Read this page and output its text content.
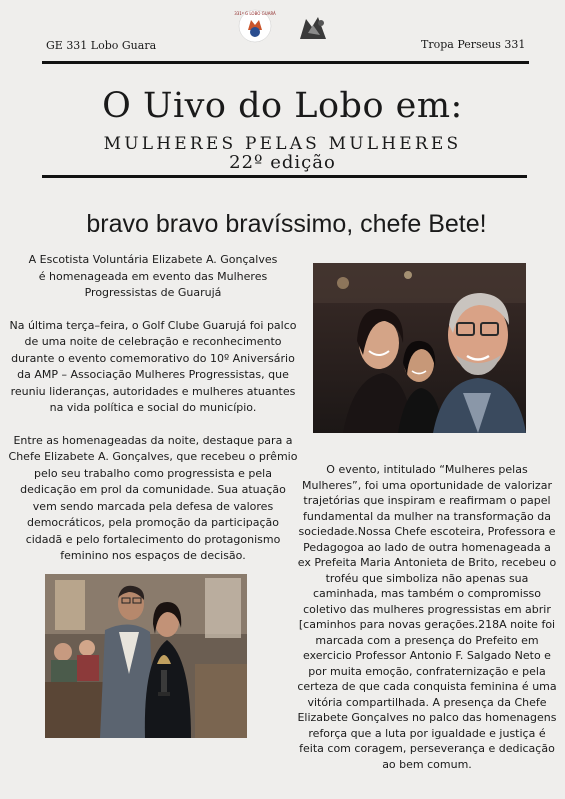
331º G LOBO GUARÁ
GE 331 Lobo Guara	Tropa Perseus 331
O Uivo do Lobo em:
MULHERES PELAS MULHERES
22º edição
bravo bravo bravíssimo, chefe Bete!

A Escotista Voluntária Elizabete A. Gonçalves é homenageada em evento das Mulheres Progressistas de Guarujá

Na última terça–feira, o Golf Clube Guarujá foi palco de uma noite de celebração e reconhecimento durante o evento comemorativo do 10º Aniversário da AMP – Associação Mulheres Progressistas, que reuniu lideranças, autoridades e mulheres atuantes na vida política e social do município.

Entre as homenageadas da noite, destaque para a Chefe Elizabete A. Gonçalves, que recebeu o prêmio pelo seu trabalho como progressista e pela dedicação em prol da comunidade. Sua atuação vem sendo marcada pela defesa de valores democráticos, pela promoção da participação cidadã e pelo fortalecimento do protagonismo feminino nos espaços de decisão.

O evento, intitulado “Mulheres pelas Mulheres”, foi uma oportunidade de valorizar trajetórias que inspiram e reafirmam o papel fundamental da mulher na transformação da sociedade.Nossa Chefe escoteira, Professora e Pedagogoa ao lado de outra homenageada a ex Prefeita Maria Antonieta de Brito, recebeu o troféu que simboliza não apenas sua caminhada, mas também o compromisso coletivo das mulheres progressistas em abrir [caminhos para novas gerações.218A noite foi marcada com a presença do Prefeito em exercicio Professor Antonio F. Salgado Neto e por muita emoção, confraternização e pela certeza de que cada conquista feminina é uma vitória compartilhada. A presença da Chefe Elizabete Gonçalves no palco das homenagens reforça que a luta por igualdade e justiça é feita com coragem, perseverança e dedicação ao bem comum.
